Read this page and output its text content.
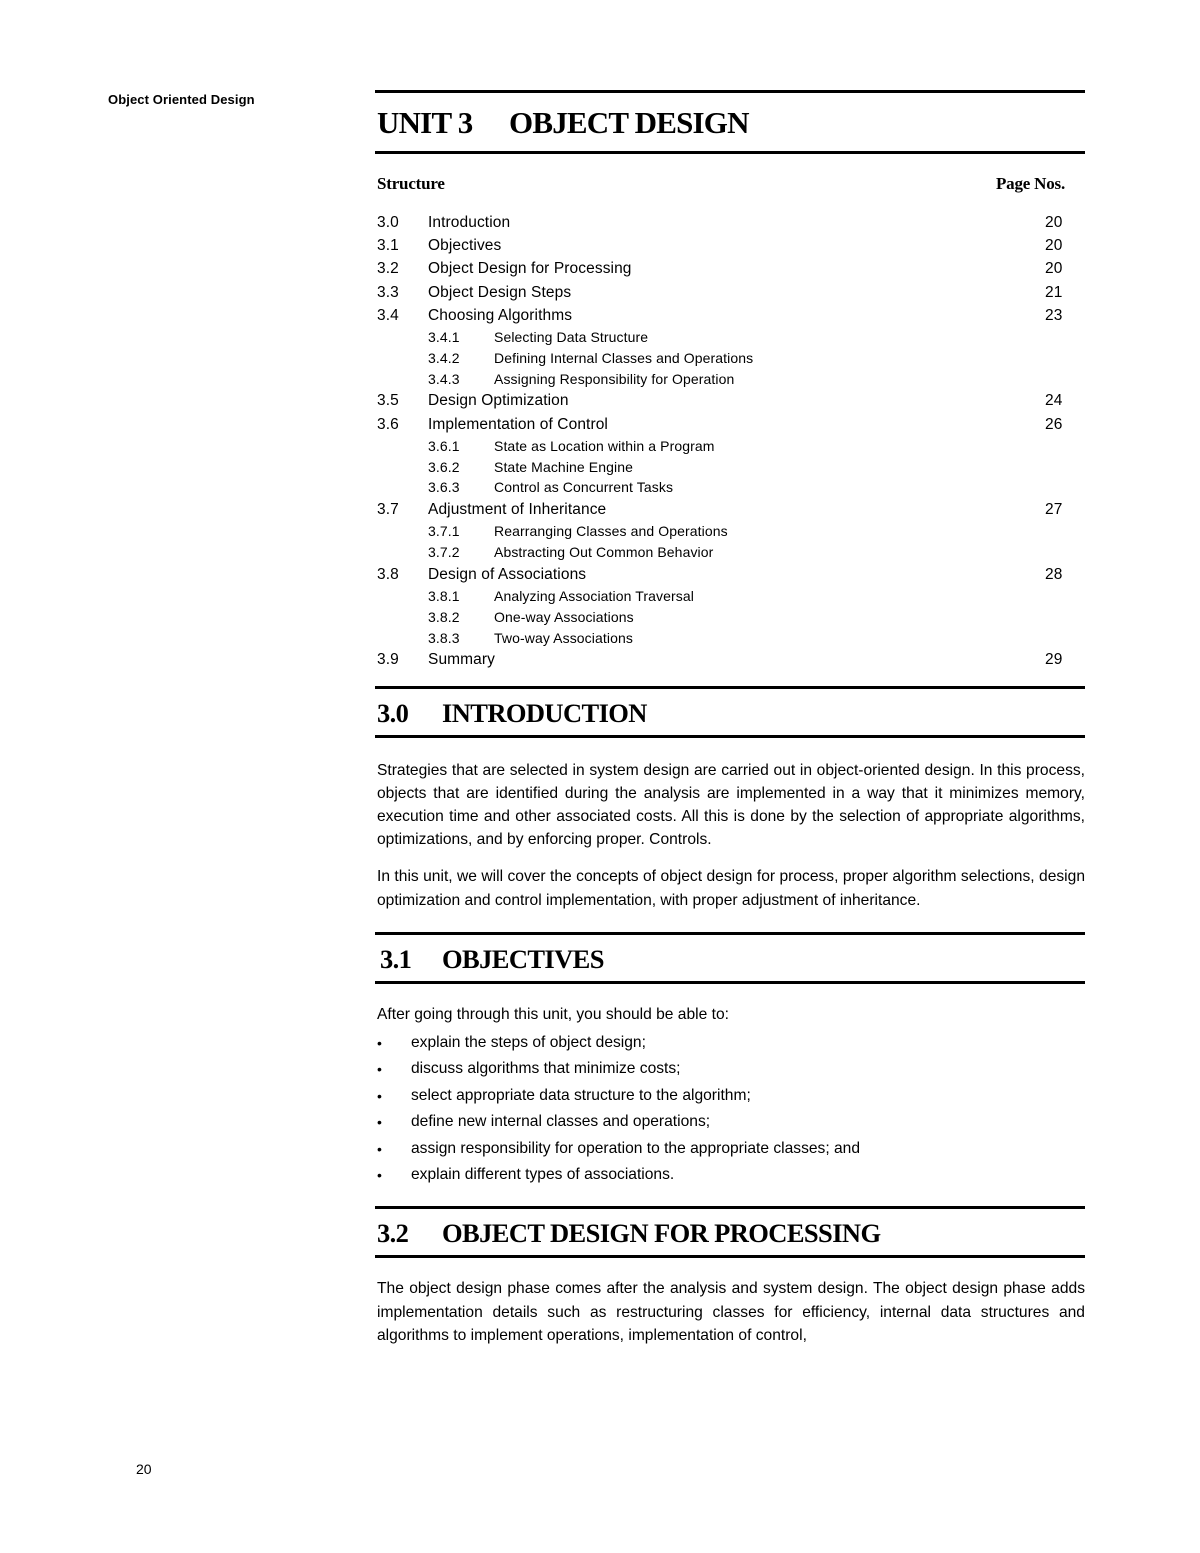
Object Oriented Design
UNIT 3 OBJECT DESIGN
Structure	Page Nos.
3.0	Introduction	20
3.1	Objectives	20
3.2	Object Design for Processing	20
3.3	Object Design Steps	21
3.4	Choosing Algorithms	23
3.4.1	Selecting Data Structure
3.4.2	Defining Internal Classes and Operations
3.4.3	Assigning Responsibility for Operation
3.5	Design Optimization	24
3.6	Implementation of Control	26
3.6.1	State as Location within a Program
3.6.2	State Machine Engine
3.6.3	Control as Concurrent Tasks
3.7	Adjustment of Inheritance	27
3.7.1	Rearranging Classes and Operations
3.7.2	Abstracting Out Common Behavior
3.8	Design of Associations	28
3.8.1	Analyzing Association Traversal
3.8.2	One-way Associations
3.8.3	Two-way Associations
3.9	Summary	29
3.0 INTRODUCTION

Strategies that are selected in system design are carried out in object-oriented design. In this process, objects that are identified during the analysis are implemented in a way that it minimizes memory, execution time and other associated costs. All this is done by the selection of appropriate algorithms, optimizations, and by enforcing proper. Controls.

In this unit, we will cover the concepts of object design for process, proper algorithm selections, design optimization and control implementation, with proper adjustment of inheritance.

3.1 OBJECTIVES

After going through this unit, you should be able to:

•	explain the steps of object design;
•	discuss algorithms that minimize costs;
•	select appropriate data structure to the algorithm;
•	define new internal classes and operations;
•	assign responsibility for operation to the appropriate classes; and
•	explain different types of associations.
3.2 OBJECT DESIGN FOR PROCESSING

The object design phase comes after the analysis and system design. The object design phase adds implementation details such as restructuring classes for efficiency, internal data structures and algorithms to implement operations, implementation of control,

20
